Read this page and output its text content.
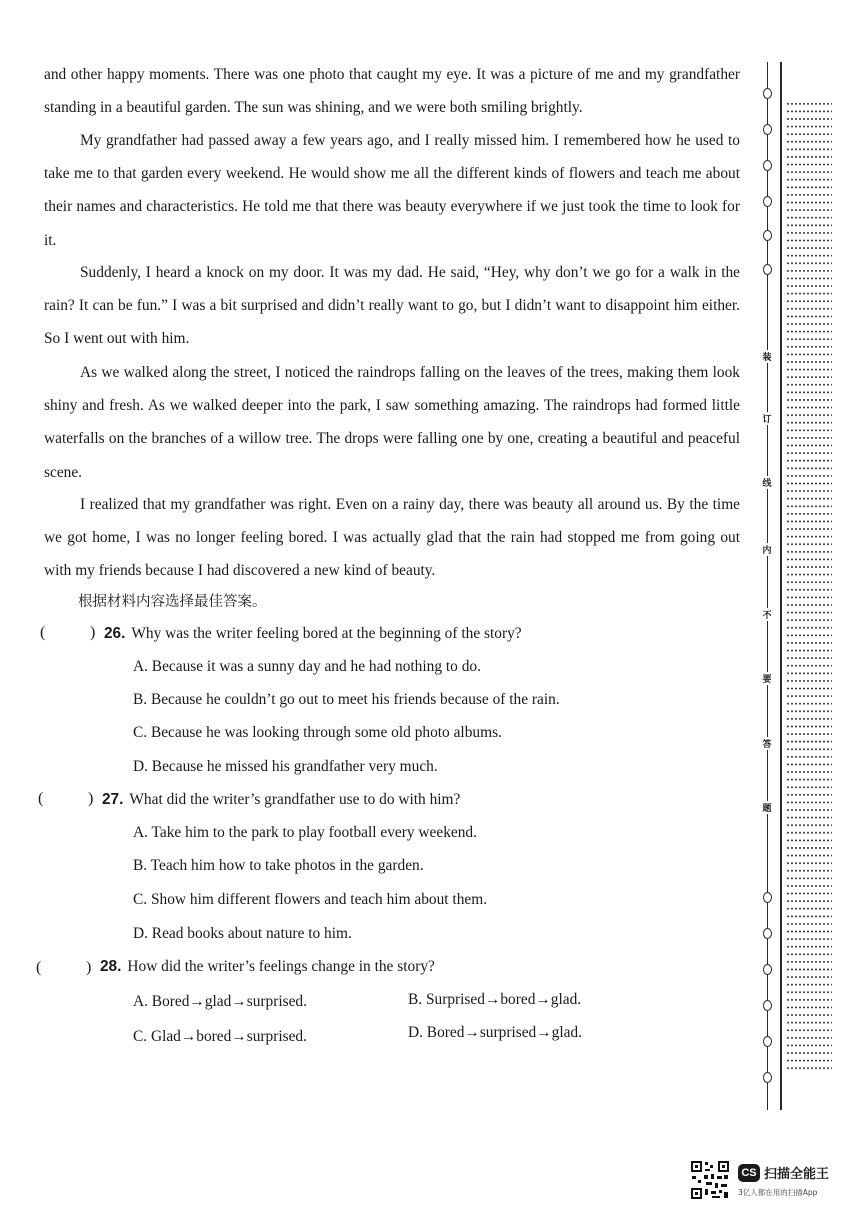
and other happy moments. There was one photo that caught my eye. It was a picture of me and my grandfather standing in a beautiful garden. The sun was shining, and we were both smiling brightly.
My grandfather had passed away a few years ago, and I really missed him. I remembered how he used to take me to that garden every weekend. He would show me all the different kinds of flowers and teach me about their names and characteristics. He told me that there was beauty everywhere if we just took the time to look for it.
Suddenly, I heard a knock on my door. It was my dad. He said, “Hey, why don’t we go for a walk in the rain? It can be fun.” I was a bit surprised and didn’t really want to go, but I didn’t want to disappoint him either. So I went out with him.
As we walked along the street, I noticed the raindrops falling on the leaves of the trees, making them look shiny and fresh. As we walked deeper into the park, I saw something amazing. The raindrops had formed little waterfalls on the branches of a willow tree. The drops were falling one by one, creating a beautiful and peaceful scene.
I realized that my grandfather was right. Even on a rainy day, there was beauty all around us. By the time we got home, I was no longer feeling bored. I was actually glad that the rain had stopped me from going out with my friends because I had discovered a new kind of beauty.
根据材料内容选择最佳答案。
(	) 26. Why was the writer feeling bored at the beginning of the story?
A. Because it was a sunny day and he had nothing to do.
B. Because he couldn’t go out to meet his friends because of the rain.
C. Because he was looking through some old photo albums.
D. Because he missed his grandfather very much.
(	) 27. What did the writer’s grandfather use to do with him?
A. Take him to the park to play football every weekend.
B. Teach him how to take photos in the garden.
C. Show him different flowers and teach him about them.
D. Read books about nature to him.
(	) 28. How did the writer’s feelings change in the story?
A. Bored→glad→surprised.	B. Surprised→bored→glad.
C. Glad→bored→surprised.	D. Bored→surprised→glad.
装
订
线
内
不
要
答
题
CS 扫描全能王
3亿人都在用的扫描App
